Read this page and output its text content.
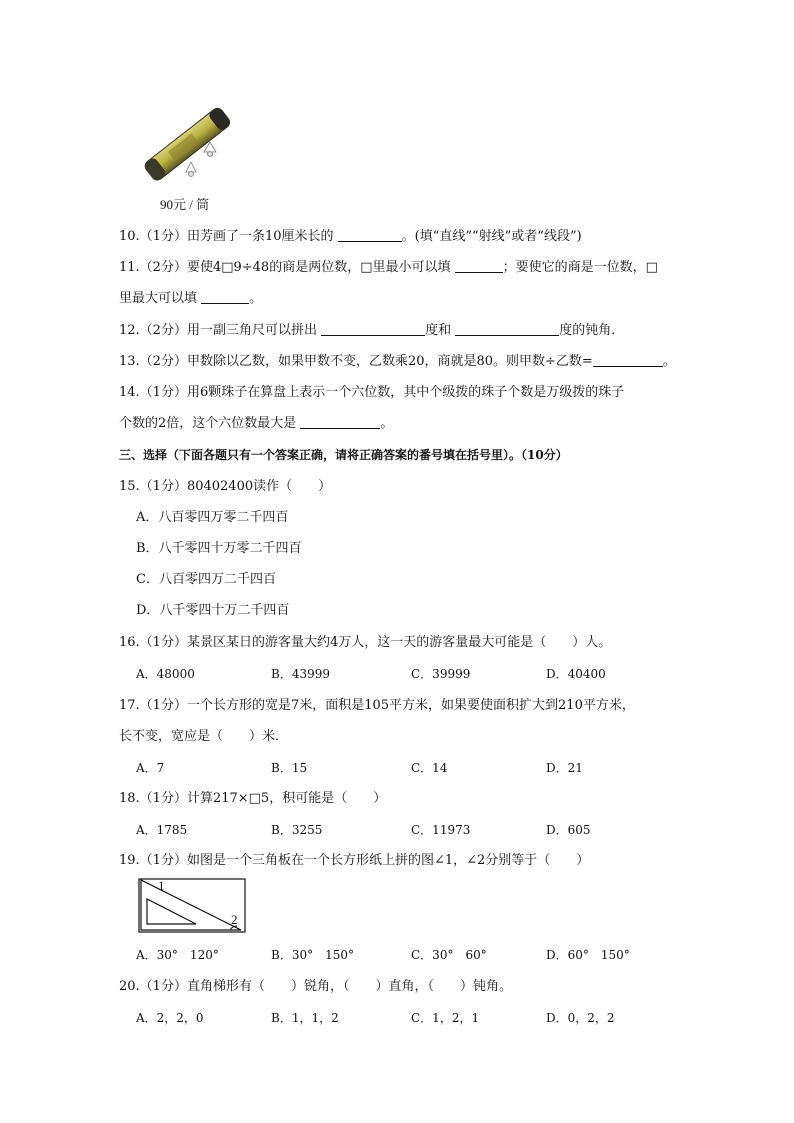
90元 / 筒
10.（1分）田芳画了一条10厘米长的	。(填“直线”“射线”或者“线段”)
11.（2分）要使4□9÷48的商是两位数，□里最小可以填	；要使它的商是一位数，□
里最大可以填	。
12.（2分）用一副三角尺可以拼出	度和	度的钝角．
13.（2分）甲数除以乙数，如果甲数不变，乙数乘20，商就是80。则甲数÷乙数=	。
14.（1分）用6颗珠子在算盘上表示一个六位数，其中个级拨的珠子个数是万级拨的珠子
个数的2倍，这个六位数最大是	。
三、选择（下面各题只有一个答案正确，请将正确答案的番号填在括号里）。（10分）
15.（1分）80402400读作（　　）
A．八百零四万零二千四百
B．八千零四十万零二千四百
C．八百零四万二千四百
D．八千零四十万二千四百
16.（1分）某景区某日的游客量大约4万人，这一天的游客量最大可能是（　　）人。
A．48000	B．43999	C．39999	D．40400
17.（1分）一个长方形的宽是7米，面积是105平方米，如果要使面积扩大到210平方米，
长不变，宽应是（　　）米．
A．7	B．15	C．14	D．21
18.（1分）计算217×□5，积可能是（　　）
A．1785	B．3255	C．11973	D．605
19.（1分）如图是一个三角板在一个长方形纸上拼的图∠1，∠2分别等于（　　）
1
2
A．30°　120°	B．30°　150°	C．30°　60°	D．60°　150°
20.（1分）直角梯形有（　　）锐角，（　　）直角，（　　）钝角。
A．2，2，0	B．1，1，2	C．1，2，1	D．0，2，2
